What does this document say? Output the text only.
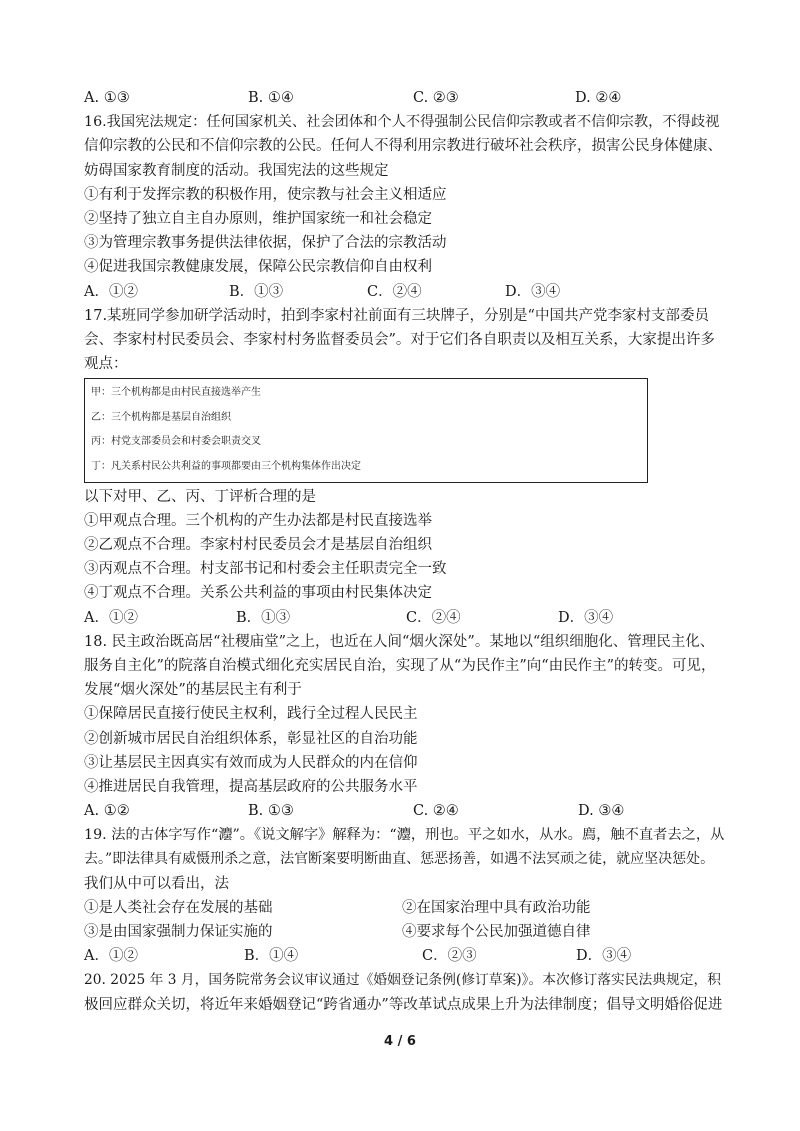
A. ①③	B. ①④	C. ②③	D. ②④
16.我国宪法规定：任何国家机关、社会团体和个人不得强制公民信仰宗教或者不信仰宗教，不得歧视
信仰宗教的公民和不信仰宗教的公民。任何人不得利用宗教进行破坏社会秩序，损害公民身体健康、
妨碍国家教育制度的活动。我国宪法的这些规定
①有利于发挥宗教的积极作用，使宗教与社会主义相适应
②坚持了独立自主自办原则，维护国家统一和社会稳定
③为管理宗教事务提供法律依据，保护了合法的宗教活动
④促进我国宗教健康发展，保障公民宗教信仰自由权利
A．①②	B．①③	C．②④	D．③④
17.某班同学参加研学活动时，拍到李家村社前面有三块牌子，分别是“中国共产党李家村支部委员
会、李家村村民委员会、李家村村务监督委员会”。对于它们各自职责以及相互关系，大家提出许多
观点：
甲：三个机构都是由村民直接选举产生
乙：三个机构都是基层自治组织
丙：村党支部委员会和村委会职责交叉
丁：凡关系村民公共利益的事项都要由三个机构集体作出决定
以下对甲、乙、丙、丁评析合理的是
①甲观点合理。三个机构的产生办法都是村民直接选举
②乙观点不合理。李家村村民委员会才是基层自治组织
③丙观点不合理。村支部书记和村委会主任职责完全一致
④丁观点不合理。关系公共利益的事项由村民集体决定
A．①②	B．①③	C．②④	D．③④
18. 民主政治既高居“社稷庙堂”之上，也近在人间“烟火深处”。某地以“组织细胞化、管理民主化、
服务自主化”的院落自治模式细化充实居民自治，实现了从“为民作主”向“由民作主”的转变。可见，
发展“烟火深处”的基层民主有利于
①保障居民直接行使民主权利，践行全过程人民民主
②创新城市居民自治组织体系，彰显社区的自治功能
③让基层民主因真实有效而成为人民群众的内在信仰
④推进居民自我管理，提高基层政府的公共服务水平
A. ①②	B. ①③	C. ②④	D. ③④
19. 法的古体字写作“灋”。《说文解字》解释为：“灋，刑也。平之如水，从水。廌，触不直者去之，从
去。”即法律具有威慑刑杀之意，法官断案要明断曲直、惩恶扬善，如遇不法冥顽之徒，就应坚决惩处。
我们从中可以看出，法
①是人类社会存在发展的基础	②在国家治理中具有政治功能
③是由国家强制力保证实施的	④要求每个公民加强道德自律
A．①②	B．①④	C．②③	D．③④
20. 2025 年 3 月，国务院常务会议审议通过《婚姻登记条例(修订草案)》。本次修订落实民法典规定，积
极回应群众关切，将近年来婚姻登记“跨省通办”等改革试点成果上升为法律制度；倡导文明婚俗促进
4 / 6
